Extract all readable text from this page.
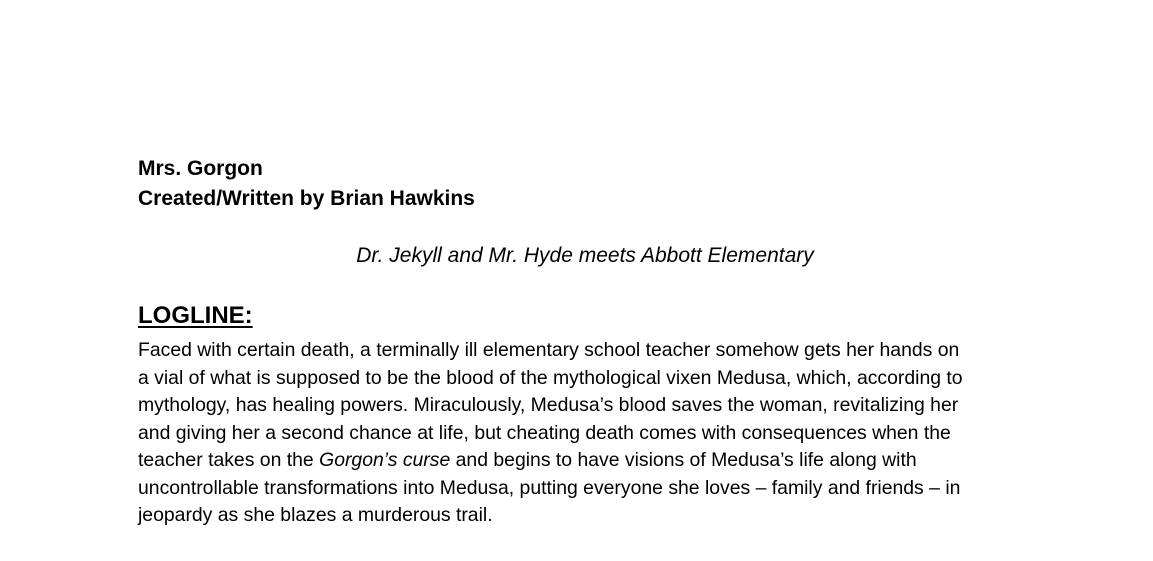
Mrs. Gorgon
Created/Written by Brian Hawkins
Dr. Jekyll and Mr. Hyde meets Abbott Elementary
LOGLINE:
Faced with certain death, a terminally ill elementary school teacher somehow gets her hands on
a vial of what is supposed to be the blood of the mythological vixen Medusa, which, according to
mythology, has healing powers. Miraculously, Medusa’s blood saves the woman, revitalizing her
and giving her a second chance at life, but cheating death comes with consequences when the
teacher takes on the Gorgon’s curse and begins to have visions of Medusa’s life along with
uncontrollable transformations into Medusa, putting everyone she loves – family and friends – in
jeopardy as she blazes a murderous trail.
